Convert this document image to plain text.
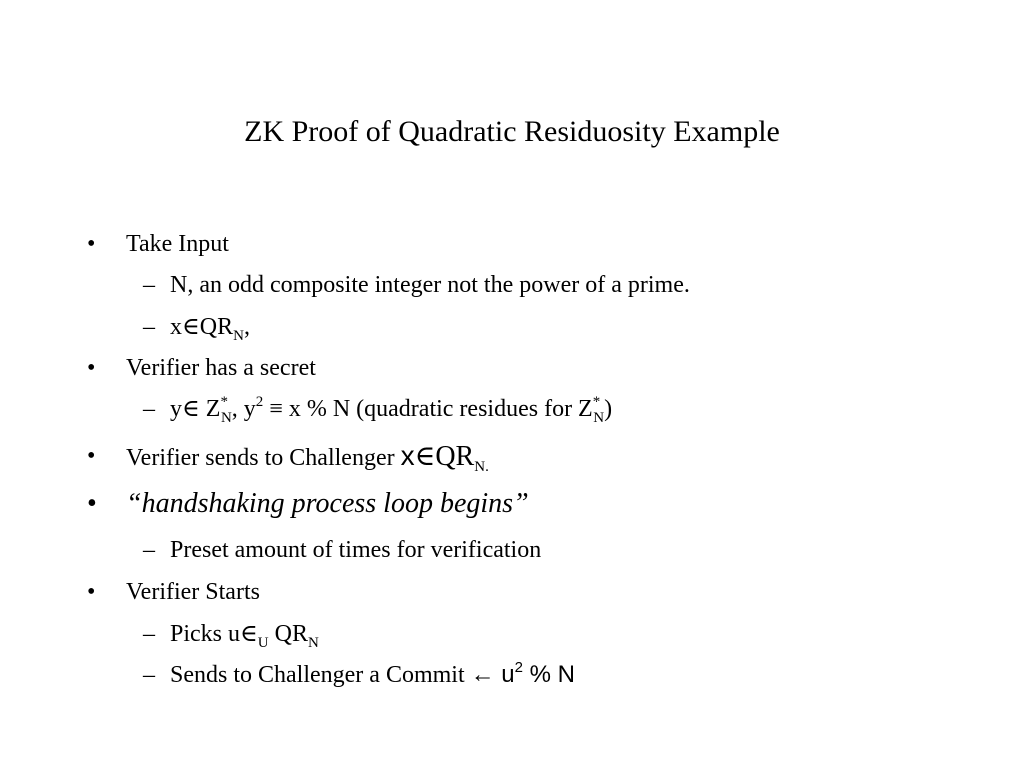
ZK Proof of Quadratic Residuosity Example
• Take Input
– N, an odd composite integer not the power of a prime.
– $x\in QR_N$,
• Verifier has a secret
– y∈ $Z^*_N$, $y^2 \equiv x$ % N (quadratic residues for $Z^*_N$)
• Verifier sends to Challenger $x\in QR_{N.}$
• “handshaking process loop begins”
– Preset amount of times for verification
• Verifier Starts
– Picks $u\in_U$ $QR_N$
– Sends to Challenger a Commit ← $u^2$ % N
